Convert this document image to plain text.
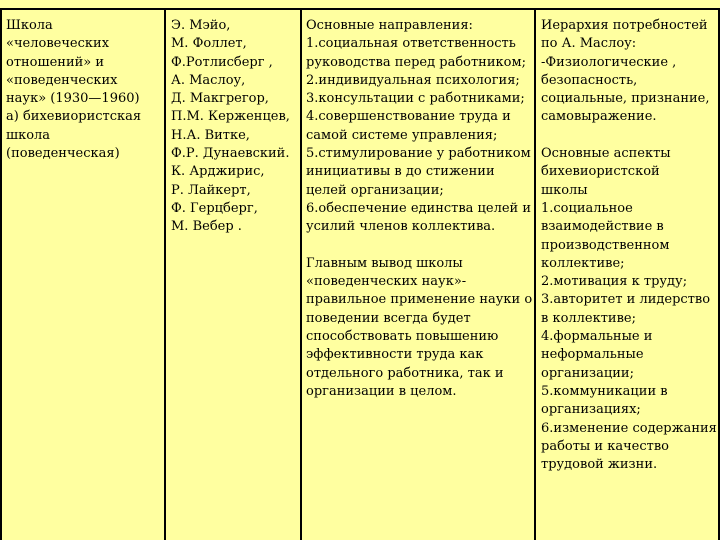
Школа
«человеческих
отношений» и
«поведенческих
наук» (1930—1960)
а) бихевиористская
школа
(поведенческая)
Э. Мэйо,
М. Фоллет,
Ф.Ротлисберг ,
А. Маслоу,
Д. Макгрегор,
П.М. Керженцев,
Н.А. Витке,
Ф.Р. Дунаевский.
К. Арджирис,
Р. Лайкерт,
Ф. Герцберг,
М. Вебер .
Основные направления:
1.социальная ответственность
руководства перед работником;
2.индивидуальная психология;
3.консультации с работниками;
4.совершенствование труда и
самой системе управления;
5.стимулирование у работником
инициативы в до стижении
целей организации;
6.обеспечение единства целей и
усилий членов коллектива.
Главным вывод школы
«поведенческих наук»-
правильное применение науки о
поведении всегда будет
способствовать повышению
эффективности труда как
отдельного работника, так и
организации в целом.
Иерархия потребностей
по А. Маслоу:
-Физиологические ,
безопасность,
социальные, признание,
самовыражение.
Основные аспекты
бихевиористской
школы
1.социальное
взаимодействие в
производственном
коллективе;
2.мотивация к труду;
3.авторитет и лидерство
в коллективе;
4.формальные и
неформальные
организации;
5.коммуникации в
организациях;
6.изменение содержания
работы и качество
трудовой жизни.
